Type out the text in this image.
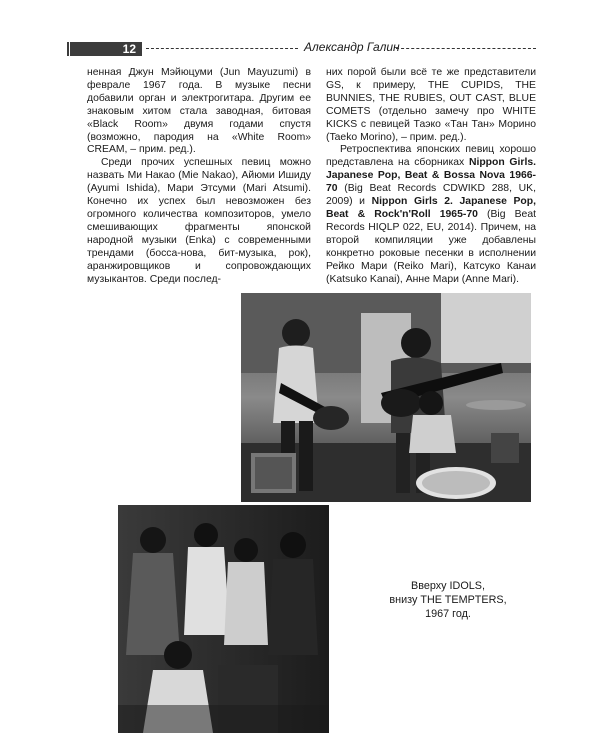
12	Александр Галин

ненная Джун Мэйюцуми (Jun Mayuzumi) в феврале 1967 года. В музыке песни добавили орган и электрогитара. Другим ее знаковым хитом стала заводная, битовая «Black Room» двумя годами спустя (возможно, пародия на «White Room» CREAM, – прим. ред.).

Среди прочих успешных певиц можно назвать Ми Накао (Mie Nakao), Айюми Ишиду (Ayumi Ishida), Мари Этсуми (Mari Atsumi). Конечно их успех был невозможен без огромного количества композиторов, умело смешивающих фрагменты японской народной музыки (Enka) с современными трендами (босса-нова, бит-музыка, рок), аранжировщиков и сопровождающих музыкантов. Среди послед-

них порой были всё те же представители GS, к примеру, THE CUPIDS, THE BUNNIES, THE RUBIES, OUT CAST, BLUE COMETS (отдельно замечу про WHITE KICKS с певицей Таэко «Тан Тан» Морино (Taeko Morino), – прим. ред.).

Ретроспектива японских певиц хорошо представлена на сборниках Nippon Girls. Japanese Pop, Beat & Bossa Nova 1966-70 (Big Beat Records CDWIKD 288, UK, 2009) и Nippon Girls 2. Japanese Pop, Beat & Rock'n'Roll 1965-70 (Big Beat Records HIQLP 022, EU, 2014). Причем, на второй компиляции уже добавлены конкретно роковые песенки в исполнении Рейко Мари (Reiko Mari), Катсуко Канаи (Katsuko Kanai), Анне Мари (Anne Mari).

Вверху IDOLS,
внизу THE TEMPTERS,
1967 год.
